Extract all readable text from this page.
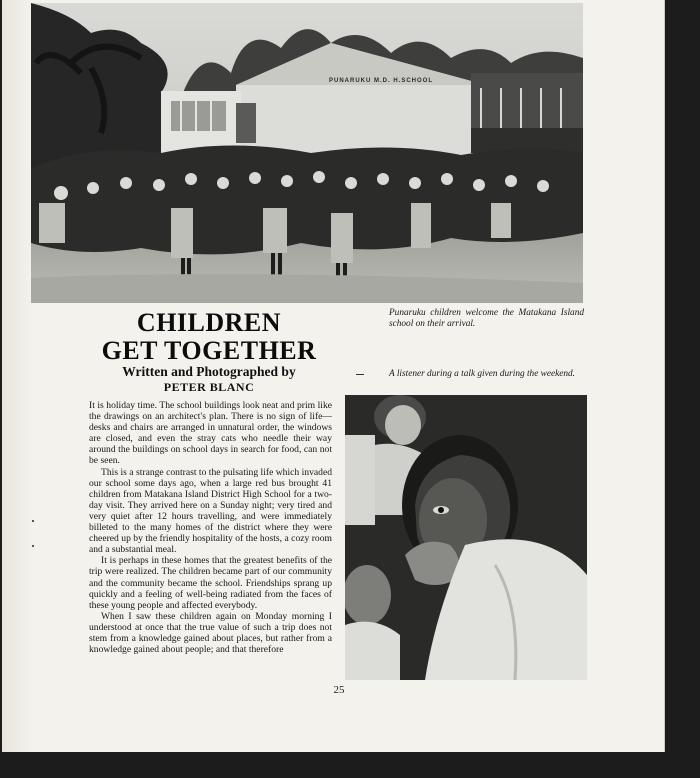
PUNARUKU M.D. H.SCHOOL
CHILDREN
GET TOGETHER
Written and Photographed by
PETER BLANC

It is holiday time. The school buildings look neat and prim like the drawings on an architect's plan. There is no sign of life—desks and chairs are arranged in unnatural order, the windows are closed, and even the stray cats who needle their way around the buildings on school days in search for food, can not be seen.

This is a strange contrast to the pulsating life which invaded our school some days ago, when a large red bus brought 41 children from Matakana Island District High School for a two-day visit. They arrived here on a Sunday night; very tired and very quiet after 12 hours travelling, and were immediately billeted to the many homes of the district where they were cheered up by the friendly hospitality of the hosts, a cozy room and a substantial meal.

It is perhaps in these homes that the greatest benefits of the trip were realized. The children became part of our community and the community became the school. Friendships sprang up quickly and a feeling of well-being radiated from the faces of these young people and affected everybody.

When I saw these children again on Monday morning I understood at once that the true value of such a trip does not stem from a knowledge gained about places, but rather from a knowledge gained about people; and that therefore

Punaruku children welcome the Matakana Island school on their arrival.
A listener during a talk given during the weekend.
25
